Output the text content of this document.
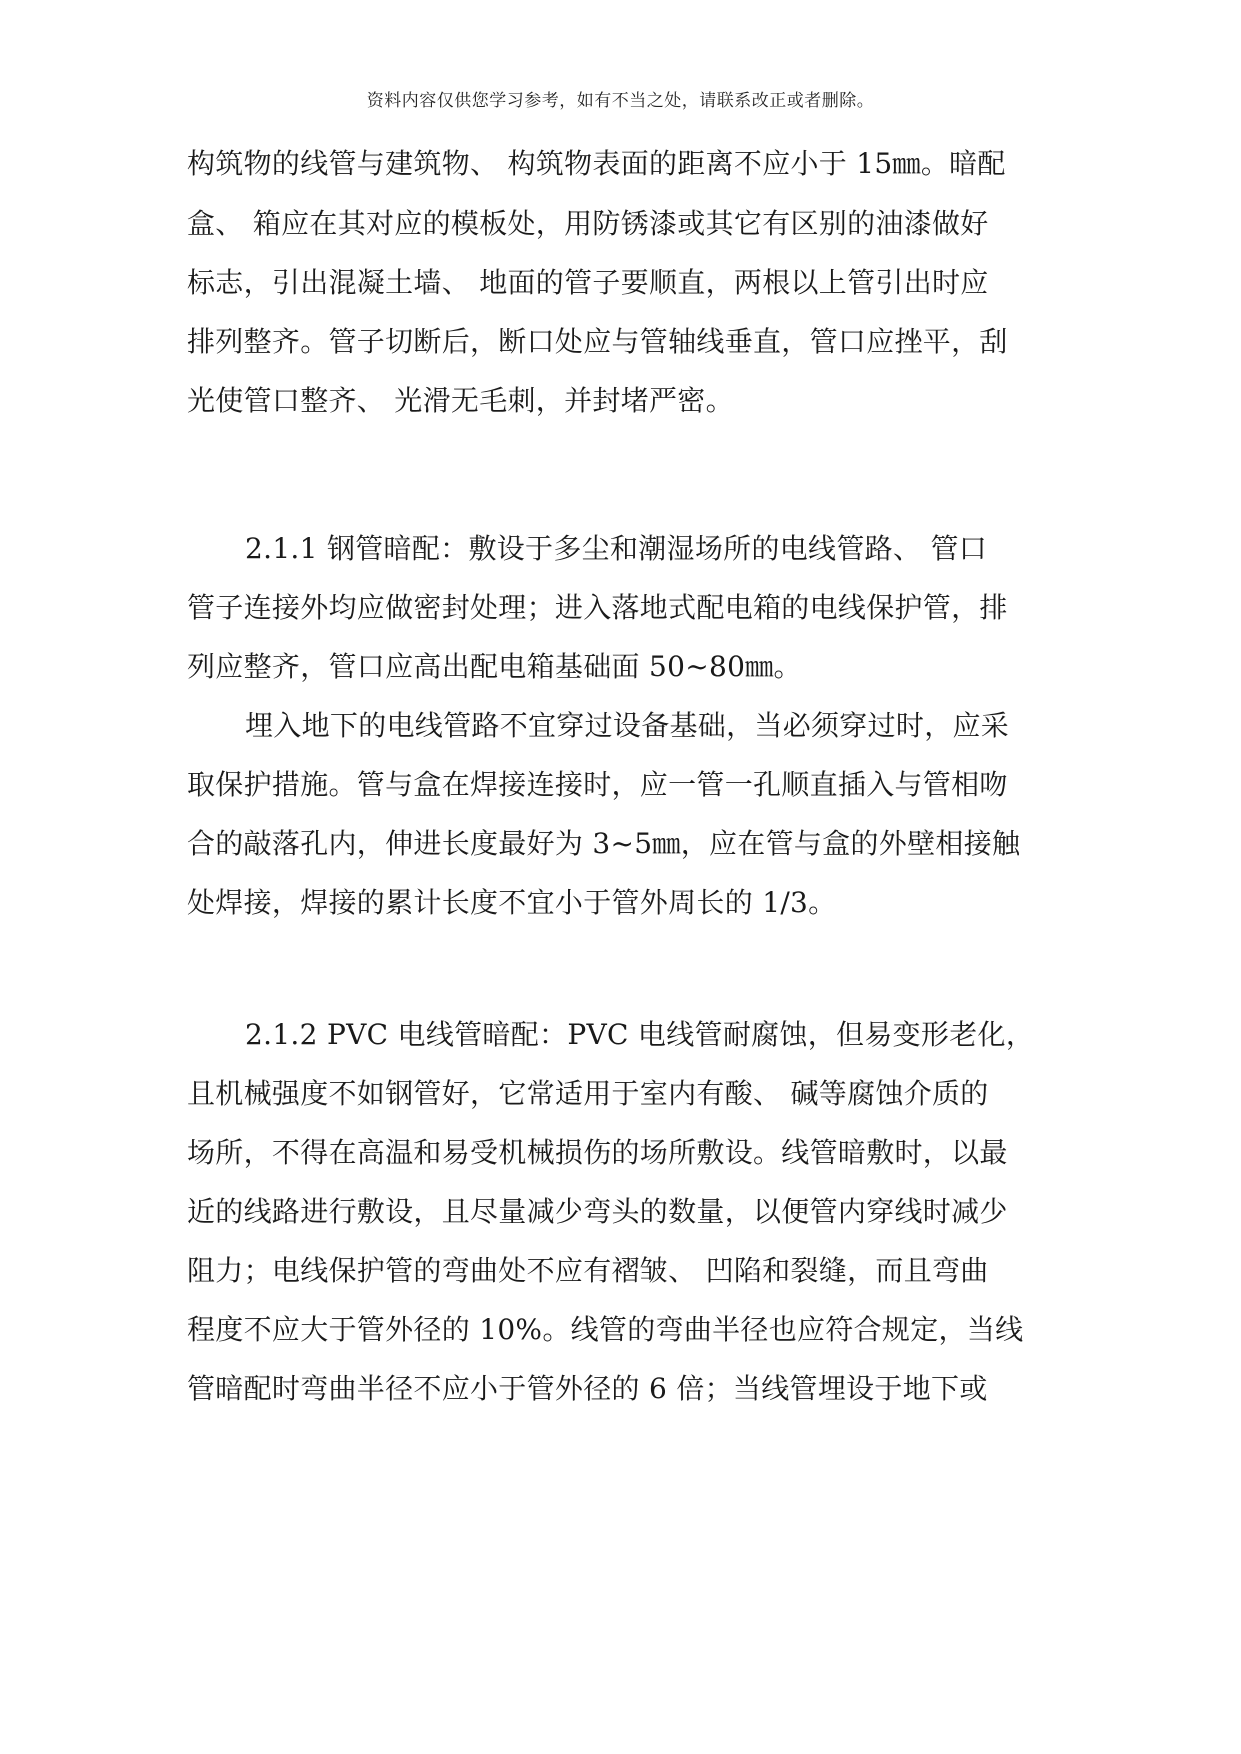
资料内容仅供您学习参考，如有不当之处，请联系改正或者删除。
构筑物的线管与建筑物、 构筑物表面的距离不应小于 15㎜。暗配
盒、 箱应在其对应的模板处，用防锈漆或其它有区别的油漆做好
标志，引出混凝土墙、 地面的管子要顺直，两根以上管引出时应
排列整齐。管子切断后，断口处应与管轴线垂直，管口应挫平，刮
光使管口整齐、 光滑无毛刺，并封堵严密。
2.1.1 钢管暗配：敷设于多尘和潮湿场所的电线管路、 管口
管子连接外均应做密封处理；进入落地式配电箱的电线保护管，排
列应整齐，管口应高出配电箱基础面 50~80㎜。
埋入地下的电线管路不宜穿过设备基础，当必须穿过时，应采
取保护措施。管与盒在焊接连接时，应一管一孔顺直插入与管相吻
合的敲落孔内，伸进长度最好为 3~5㎜，应在管与盒的外壁相接触
处焊接，焊接的累计长度不宜小于管外周长的 1/3。
2.1.2 PVC 电线管暗配：PVC 电线管耐腐蚀，但易变形老化，
且机械强度不如钢管好，它常适用于室内有酸、 碱等腐蚀介质的
场所，不得在高温和易受机械损伤的场所敷设。线管暗敷时，以最
近的线路进行敷设，且尽量减少弯头的数量，以便管内穿线时减少
阻力；电线保护管的弯曲处不应有褶皱、 凹陷和裂缝，而且弯曲
程度不应大于管外径的 10%。线管的弯曲半径也应符合规定，当线
管暗配时弯曲半径不应小于管外径的 6 倍；当线管埋设于地下或
